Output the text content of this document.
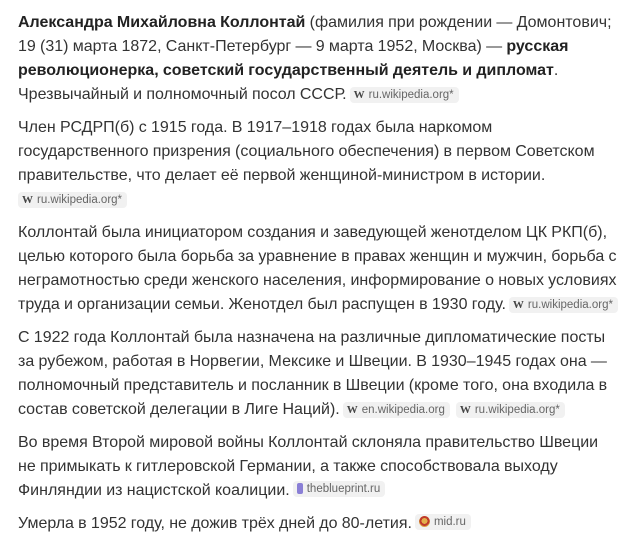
Александра Михайловна Коллонтай (фамилия при рождении — Домонтович; 19 (31) марта 1872, Санкт-Петербург — 9 марта 1952, Москва) — русская революционерка, советский государственный деятель и дипломат. Чрезвычайный и полномочный посол СССР. W ru.wikipedia.org*

Член РСДРП(б) с 1915 года. В 1917–1918 годах была наркомом государственного призрения (социального обеспечения) в первом Советском правительстве, что делает её первой женщиной-министром в истории.

W ru.wikipedia.org*

Коллонтай была инициатором создания и заведующей женотделом ЦК РКП(б), целью которого была борьба за уравнение в правах женщин и мужчин, борьба с неграмотностью среди женского населения, информирование о новых условиях труда и организации семьи. Женотдел был распущен в 1930 году. W ru.wikipedia.org*

С 1922 года Коллонтай была назначена на различные дипломатические посты за рубежом, работая в Норвегии, Мексике и Швеции. В 1930–1945 годах она — полномочный представитель и посланник в Швеции (кроме того, она входила в состав советской делегации в Лиге Наций). W en.wikipedia.org W ru.wikipedia.org*

Во время Второй мировой войны Коллонтай склоняла правительство Швеции не примыкать к гитлеровской Германии, а также способствовала выходу Финляндии из нацистской коалиции. theblueprint.ru

Умерла в 1952 году, не дожив трёх дней до 80-летия. mid.ru
